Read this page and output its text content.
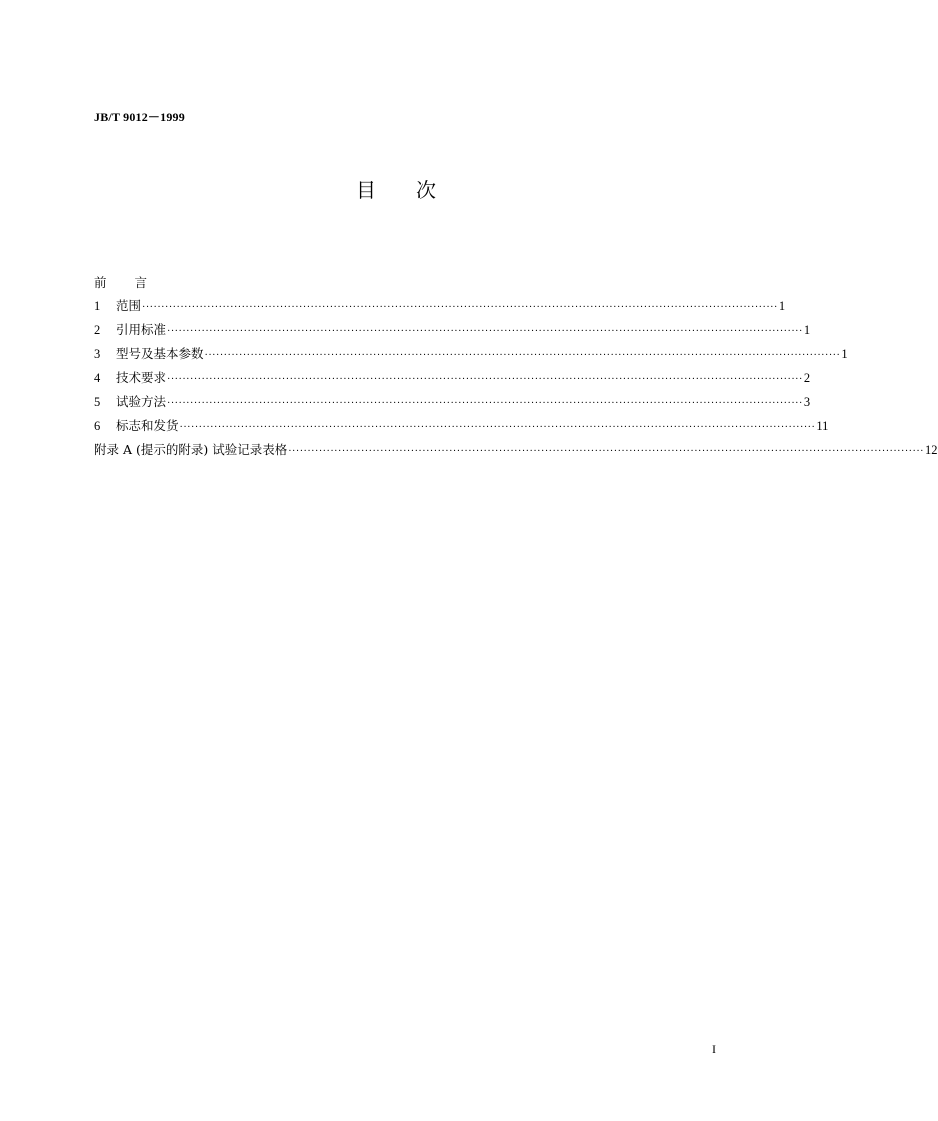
JB/T 9012－1999
目 次
前 言
1	范围 ······································································································································································ 1
2	引用标准 ······································································································································································ 1
3	型号及基本参数 ······································································································································································ 1
4	技术要求 ······································································································································································ 2
5	试验方法 ······································································································································································ 3
6	标志和发货 ······································································································································································ 11
附录 A (提示的附录) 试验记录表格 ······································································································································································ 12
I
